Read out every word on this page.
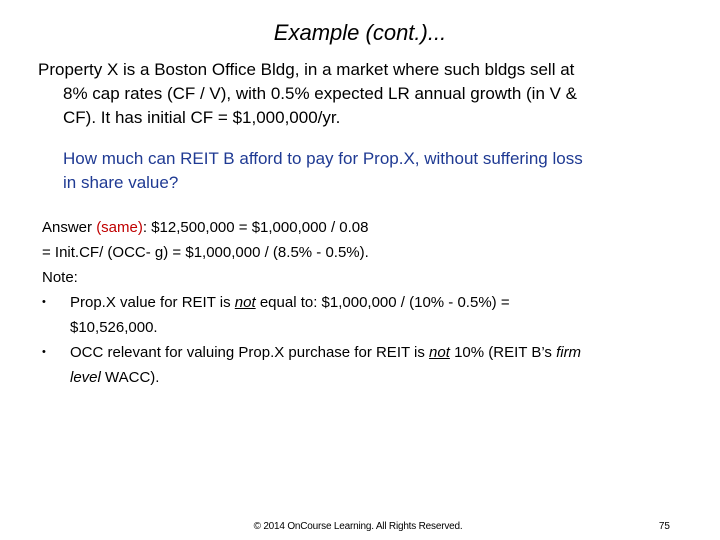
Example (cont.)...
Property X is a Boston Office Bldg, in a market where such bldgs sell at
8% cap rates (CF / V), with 0.5% expected LR annual growth (in V &
CF). It has initial CF = $1,000,000/yr.
How much can REIT B afford to pay for Prop.X, without suffering loss
in share value?
Answer (same): $12,500,000 = $1,000,000 / 0.08
= Init.CF/ (OCC- g) = $1,000,000 / (8.5% - 0.5%).
Note:
• Prop.X value for REIT is not equal to: $1,000,000 / (10% - 0.5%) =
$10,526,000.
• OCC relevant for valuing Prop.X purchase for REIT is not 10% (REIT B’s firm
level WACC).
© 2014 OnCourse Learning. All Rights Reserved.	75
